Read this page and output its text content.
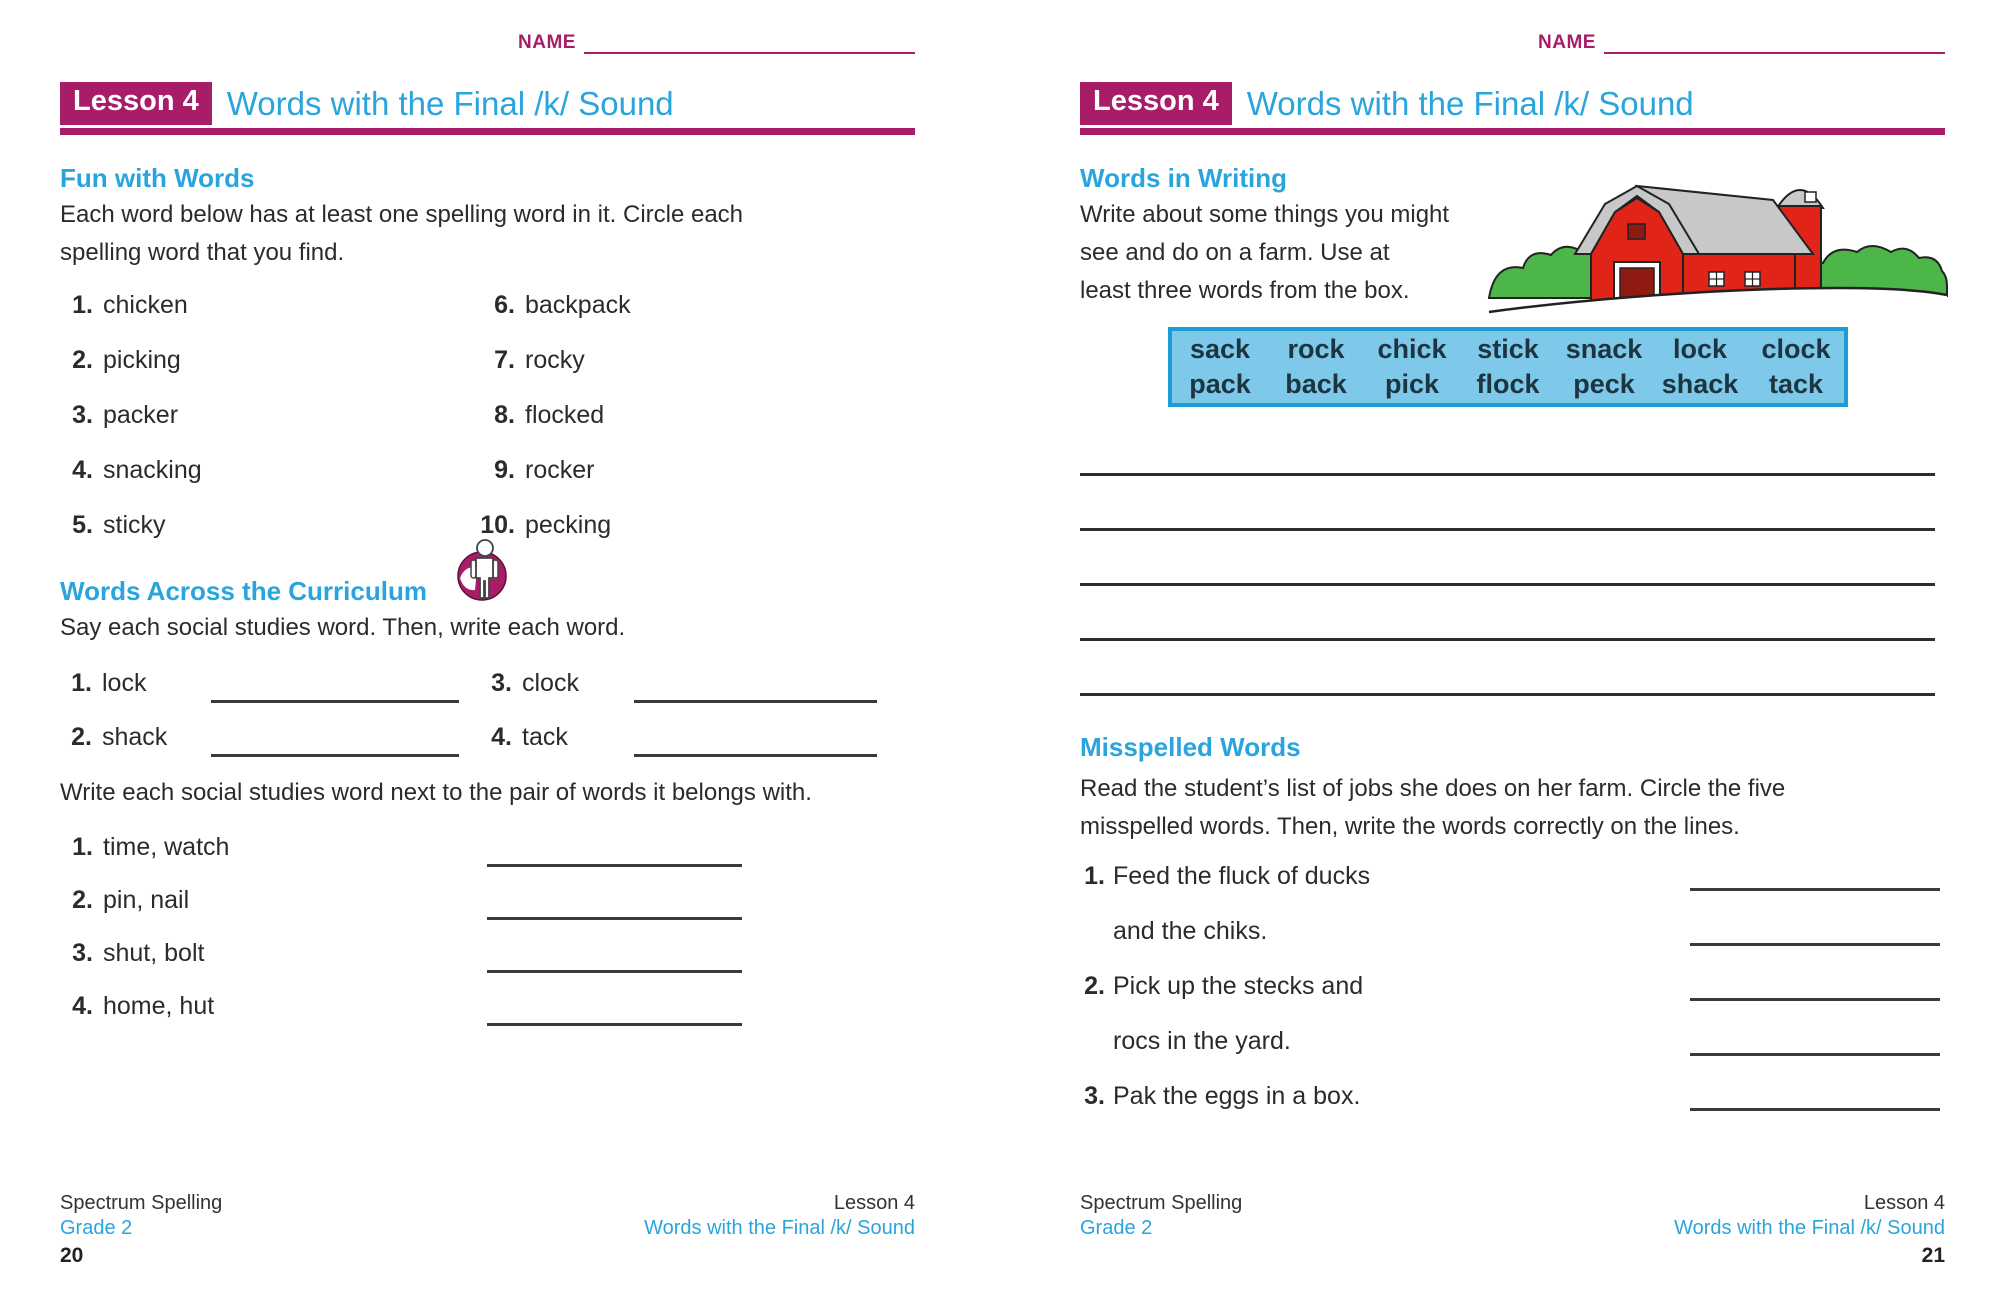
NAME
Lesson 4 Words with the Final /k/ Sound
Fun with Words
Each word below has at least one spelling word in it. Circle each
spelling word that you find.
1. chicken
2. picking
3. packer
4. snacking
5. sticky
6. backpack
7. rocky
8. flocked
9. rocker
10. pecking
Words Across the Curriculum
Say each social studies word. Then, write each word.
1. lock	3. clock
2. shack	4. tack
Write each social studies word next to the pair of words it belongs with.
1. time, watch
2. pin, nail
3. shut, bolt
4. home, hut
Spectrum Spelling
Grade 2
20
Lesson 4
Words with the Final /k/ Sound
NAME
Lesson 4 Words with the Final /k/ Sound
Words in Writing
Write about some things you might
see and do on a farm. Use at
least three words from the box.
sack	rock	chick	stick snack	lock	clock
pack	back	pick	flock	peck shack	tack
Misspelled Words
Read the student’s list of jobs she does on her farm. Circle the five
misspelled words. Then, write the words correctly on the lines.
1. Feed the fluck of ducks
and the chiks.
2. Pick up the stecks and
rocs in the yard.
3. Pak the eggs in a box.
Spectrum Spelling
Grade 2
Lesson 4
Words with the Final /k/ Sound
21
